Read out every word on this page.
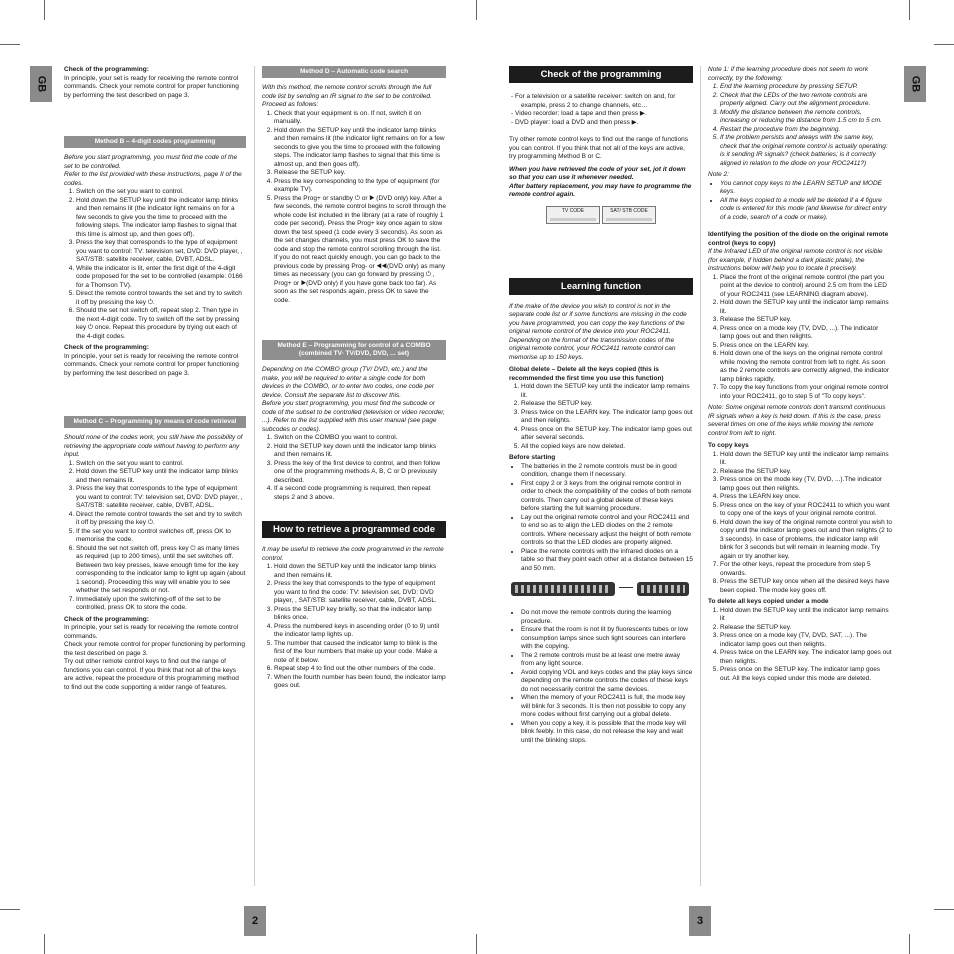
GB	GB
2	3
Check of the programming:

In principle, your set is ready for receiving the remote control commands. Check your remote control for proper functioning by performing the test described on page 3.

Method B – 4-digit codes programming

Before you start programming, you must find the code of the set to be controlled.

Refer to the list provided with these instructions, page II of the codes.

1. Switch on the set you want to control.
2. Hold down the SETUP key until the indicator lamp blinks and then remains lit (the indicator light remains on for a few seconds to give you the time to proceed with the following steps. The indicator lamp flashes to signal that this time is almost up, and then goes off).
3. Press the key that corresponds to the type of equipment you want to control: TV: television set, DVD: DVD player, , SAT/STB: satellite receiver, cable, DVBT, ADSL.
4. While the indicator is lit, enter the first digit of the 4-digit code proposed for the set to be controlled (example: 0166 for a Thomson TV).
5. Direct the remote control towards the set and try to switch it off by pressing the key ⏻.
6. Should the set not switch off, repeat step 2. Then type in the next 4-digit code. Try to switch off the set by pressing key ⏻ once. Repeat this procedure by trying out each of the 4-digit codes.
Check of the programming:

In principle, your set is ready for receiving the remote control commands. Check your remote control for proper functioning by performing the test described on page 3.

Method C – Programming by means of code retrieval

Should none of the codes work, you still have the possibility of retrieving the appropriate code without having to perform any input.

1. Switch on the set you want to control.
2. Hold down the SETUP key until the indicator lamp blinks and then remains lit.
3. Press the key that corresponds to the type of equipment you want to control: TV: television set, DVD: DVD player, , SAT/STB: satellite receiver, cable, DVBT, ADSL.
4. Direct the remote control towards the set and try to switch it off by pressing the key ⏻.
5. If the set you want to control switches off, press OK to memorise the code.
6. Should the set not switch off, press key ⏻ as many times as required (up to 200 times), until the set switches off. Between two key presses, leave enough time for the key corresponding to the indicator lamp to light up again (about 1 second). Proceeding this way will enable you to see whether the set responds or not.
7. Immediately upon the switching-off of the set to be controlled, press OK to store the code.
Check of the programming:

In principle, your set is ready for receiving the remote control commands.

Check your remote control for proper functioning by performing the test described on page 3.

Try out other remote control keys to find out the range of functions you can control. If you think that not all of the keys are active, repeat the procedure of this programming method to find out the code supporting a wider range of features.

Method D – Automatic code search

With this method, the remote control scrolls through the full code list by sending an IR signal to the set to be controlled. Proceed as follows:

1. Check that your equipment is on. If not, switch it on manually.
2. Hold down the SETUP key until the indicator lamp blinks and then remains lit (the indicator light remains on for a few seconds to give you the time to proceed with the following steps. The indicator lamp flashes to signal that this time is almost up, and then goes off).
3. Release the SETUP key.
4. Press the key corresponding to the type of equipment (for example TV).
5. Press the Prog+ or standby ⏻ or ▶ (DVD only) key. After a few seconds, the remote control begins to scroll through the whole code list included in the library (at a rate of roughly 1 code per second). Press the Prog+ key once again to slow down the test speed (1 code every 3 seconds). As soon as the set changes channels, you must press OK to save the code and stop the remote control scrolling through the list. If you do not react quickly enough, you can go back to the previous code by pressing Prog- or ◀◀(DVD only) as many times as necessary (you can go forward by pressing ⏻ , Prog+ or ▶(DVD only) if you have gone back too far). As soon as the set responds again, press OK to save the code.
Method E – Programming for control of a COMBO (combined TV- TV/DVD, DVD, ... set)

Depending on the COMBO group (TV/ DVD, etc.) and the make, you will be required to enter a single code for both devices in the COMBO, or to enter two codes, one code per device. Consult the separate list to discover this.

Before you start programming, you must find the subcode or code of the subset to be controlled (television or video recorder, ...). Refer to the list supplied with this user manual (see page subcodes or codes).

1. Switch on the COMBO you want to control.
2. Hold the SETUP key down until the indicator lamp blinks and then remains lit.
3. Press the key of the first device to control, and then follow one of the programming methods A, B, C or D previously described.
4. If a second code programming is required, then repeat steps 2 and 3 above.
How to retrieve a programmed code

It may be useful to retrieve the code programmed in the remote control.

1. Hold down the SETUP key until the indicator lamp blinks and then remains lit.
2. Press the key that corresponds to the type of equipment you want to find the code: TV: television set, DVD: DVD player, , SAT/STB: satellite receiver, cable, DVBT, ADSL.
3. Press the SETUP key briefly, so that the indicator lamp blinks once.
4. Press the numbered keys in ascending order (0 to 9) until the indicator lamp lights up.
5. The number that caused the indicator lamp to blink is the first of the four numbers that make up your code. Make a note of it below.
6. Repeat step 4 to find out the other numbers of the code.
7. When the fourth number has been found, the indicator lamp goes out.
Check of the programming
- For a television or a satellite receiver: switch on and, for example, press 2 to change channels, etc…
- Video recorder: load a tape and then press ▶.
- DVD player: load a DVD and then press ▶.

Try other remote control keys to find out the range of functions you can control. If you think that not all of the keys are active, try programming Method B or C.

When you have retrieved the code of your set, jot it down so that you can use it whenever needed.

After battery replacement, you may have to programme the remote control again.

TV CODE	SAT/ STB CODE
Learning function

If the make of the device you wish to control is not in the separate code list or if some functions are missing in the code you have programmed, you can copy the key functions of the original remote control of the device into your ROC2411. Depending on the format of the transmission codes of the original remote control, your ROC2411 remote control can memorise up to 150 keys.

Global delete – Delete all the keys copied (this is recommended the first time you use this function)
1. Hold down the SETUP key until the indicator lamp remains lit.
2. Release the SETUP key.
3. Press twice on the LEARN key. The indicator lamp goes out and then relights.
4. Press once on the SETUP key. The indicator lamp goes out after several seconds.
5. All the copied keys are now deleted.
Before starting
• The batteries in the 2 remote controls must be in good condition, change them if necessary.
• First copy 2 or 3 keys from the original remote control in order to check the compatibility of the codes of both remote controls. Then carry out a global delete of these keys before starting the full learning procedure.
• Lay out the original remote control and your ROC2411 end to end so as to align the LED diodes on the 2 remote controls. Where necessary adjust the height of both remote controls so that the LED diodes are properly aligned.
• Place the remote controls with the infrared diodes on a table so that they point each other at a distance between 15 and 50 mm.
• Do not move the remote controls during the learning procedure.
• Ensure that the room is not lit by fluorescents tubes or low consumption lamps since such light sources can interfere with the copying.
• The 2 remote controls must be at least one metre away from any light source.
• Avoid copying VOL and keys codes and the play keys since depending on the remote controls the codes of these keys do not necessarily control the same devices.
• When the memory of your ROC2411 is full, the mode key will blink for 3 seconds. It is then not possible to copy any more codes without first carrying out a global delete.
• When you copy a key, it is possible that the mode key will blink feebly. In this case, do not release the key and wait until the blinking stops.

Note 1: if the learning procedure does not seem to work correctly, try the following:

1. End the learning procedure by pressing SETUP.
2. Check that the LEDs of the two remote controls are properly aligned. Carry out the alignment procedure.
3. Modify the distance between the remote controls, increasing or reducing the distance from 1.5 cm to 5 cm.
4. Restart the procedure from the beginning.
5. If the problem persists and always with the same key, check that the original remote control is actually operating: is it sending IR signals? (check batteries; is it correctly aligned in relation to the diode on your ROC2411?)

Note 2:

• You cannot copy keys to the LEARN SETUP and MODE keys.
• All the keys copied to a mode will be deleted if a 4 figure code is entered for this mode (and likewise for direct entry of a code, search of a code or make).
Identifying the position of the diode on the original remote control (keys to copy)

If the Infrared LED of the original remote control is not visible (for example, if hidden behind a dark plastic plate), the instructions below will help you to locate it precisely.

1. Place the front of the original remote control (the part you point at the device to control) around 2.5 cm from the LED of your ROC2411 (see LEARNING diagram above).
2. Hold down the SETUP key until the indicator lamp remains lit.
3. Release the SETUP key.
4. Press once on a mode key (TV, DVD, ...). The indicator lamp goes out and then relights.
5. Press once on the LEARN key.
6. Hold down one of the keys on the original remote control while moving the remote control from left to right. As soon as the 2 remote controls are correctly aligned, the indicator lamp blinks rapidly.
7. To copy the key functions from your original remote control into your ROC2411, go to step 5 of "To copy keys".

Note: Some original remote controls don't transmit continuous IR signals when a key is held down. If this is the case, press several times on one of the keys while moving the remote control from left to right.

To copy keys
1. Hold down the SETUP key until the indicator lamp remains lit.
2. Release the SETUP key.
3. Press once on the mode key (TV, DVD, ...).The indicator lamp goes out then relights.
4. Press the LEARN key once.
5. Press once on the key of your ROC2411 to which you want to copy one of the keys of your original remote control.
6. Hold down the key of the original remote control you wish to copy until the indicator lamp goes out and then relights (2 to 3 seconds). In case of problems, the indicator lamp will blink for 3 seconds but will remain in learning mode. Try again or try another key.
7. For the other keys, repeat the procedure from step 5 onwards.
8. Press the SETUP key once when all the desired keys have been copied. The mode key goes off.
To delete all keys copied under a mode
1. Hold down the SETUP key until the indicator lamp remains lit
2. Release the SETUP key.
3. Press once on a mode key (TV, DVD, SAT, ...). The indicator lamp goes out then relights.
4. Press twice on the LEARN key. The indicator lamp goes out then relights.
5. Press once on the SETUP key. The indicator lamp goes out. All the keys copied under this mode are deleted.
